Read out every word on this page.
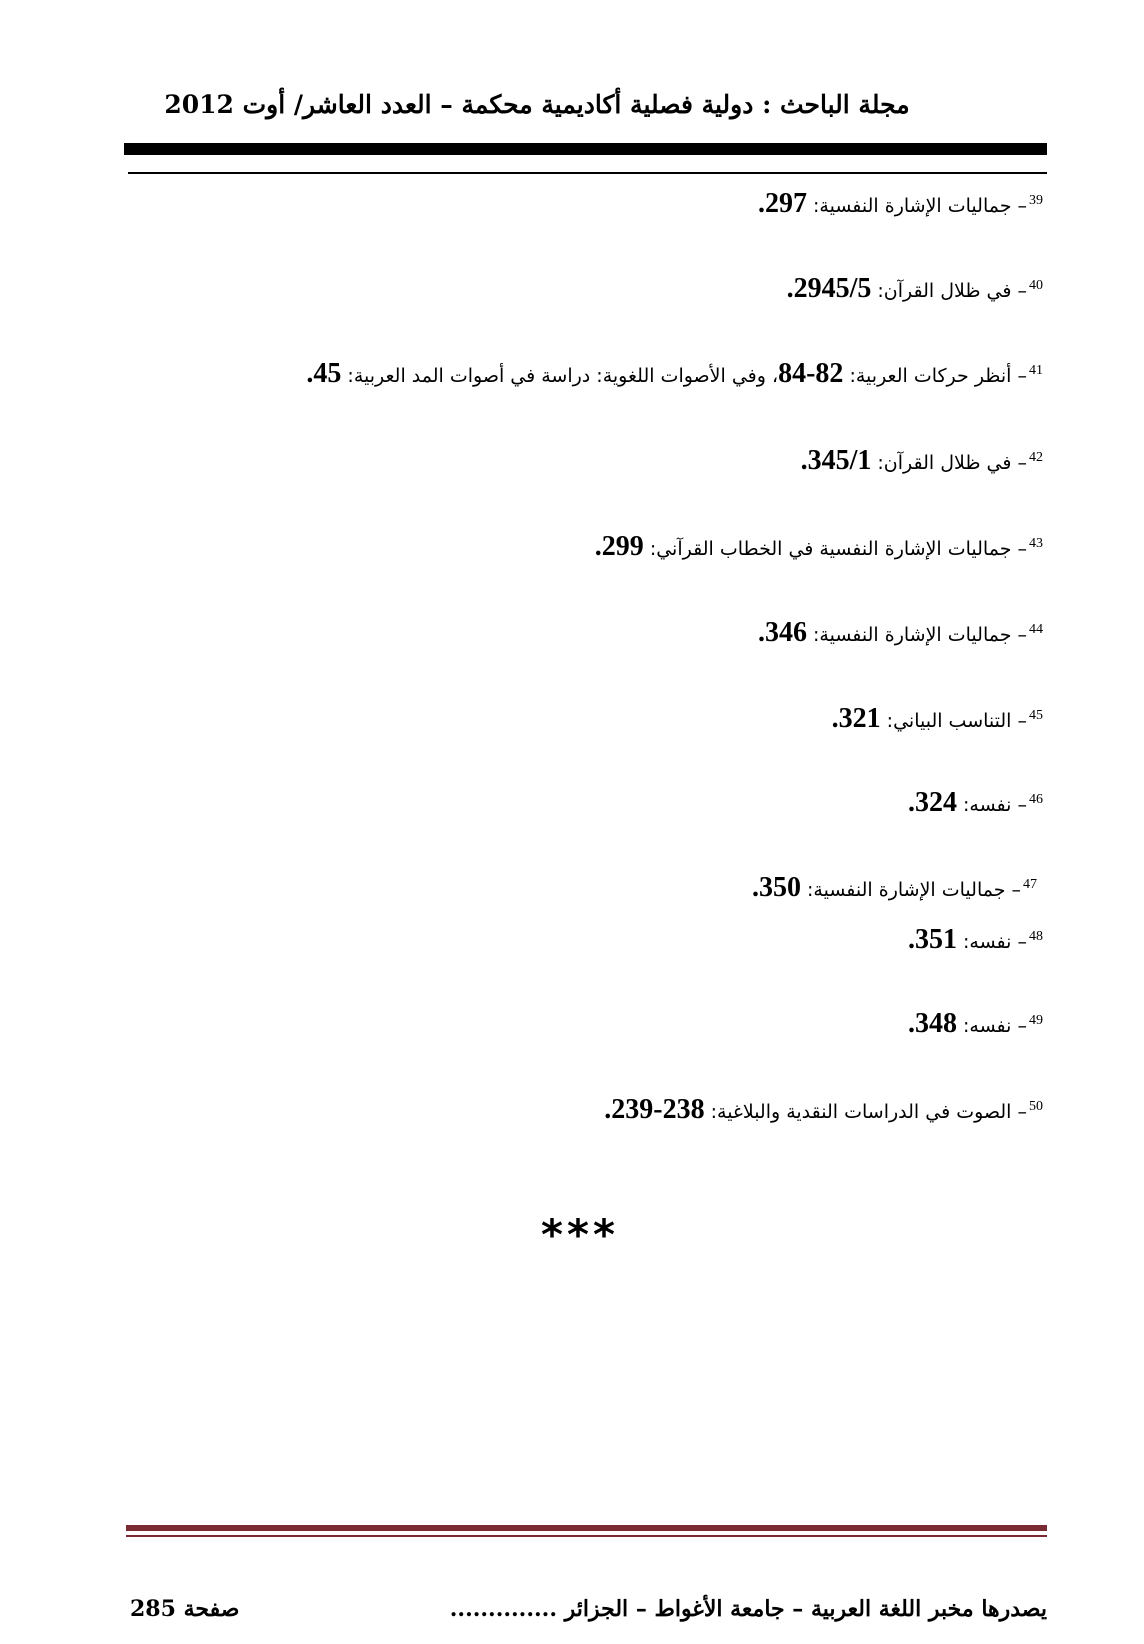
مجلة الباحث : دولية فصلية أكاديمية محكمة – العدد العاشر/ أوت 2012
$^{39}$– جماليات الإشارة النفسية: 297.
$^{40}$– في ظلال القرآن: 2945/5.
$^{41}$– أنظر حركات العربية: 82-84، وفي الأصوات اللغوية: دراسة في أصوات المد العربية: 45.
$^{42}$– في ظلال القرآن: 345/1.
$^{43}$– جماليات الإشارة النفسية في الخطاب القرآني: 299.
$^{44}$– جماليات الإشارة النفسية: 346.
$^{45}$– التناسب البياني: 321.
$^{46}$– نفسه: 324.
$^{47}$– جماليات الإشارة النفسية: 350.
$^{48}$– نفسه: 351.
$^{49}$– نفسه: 348.
$^{50}$– الصوت في الدراسات النقدية والبلاغية: 238-239.
***
يصدرها مخبر اللغة العربية – جامعة الأغواط – الجزائر ..............
صفحة 285
